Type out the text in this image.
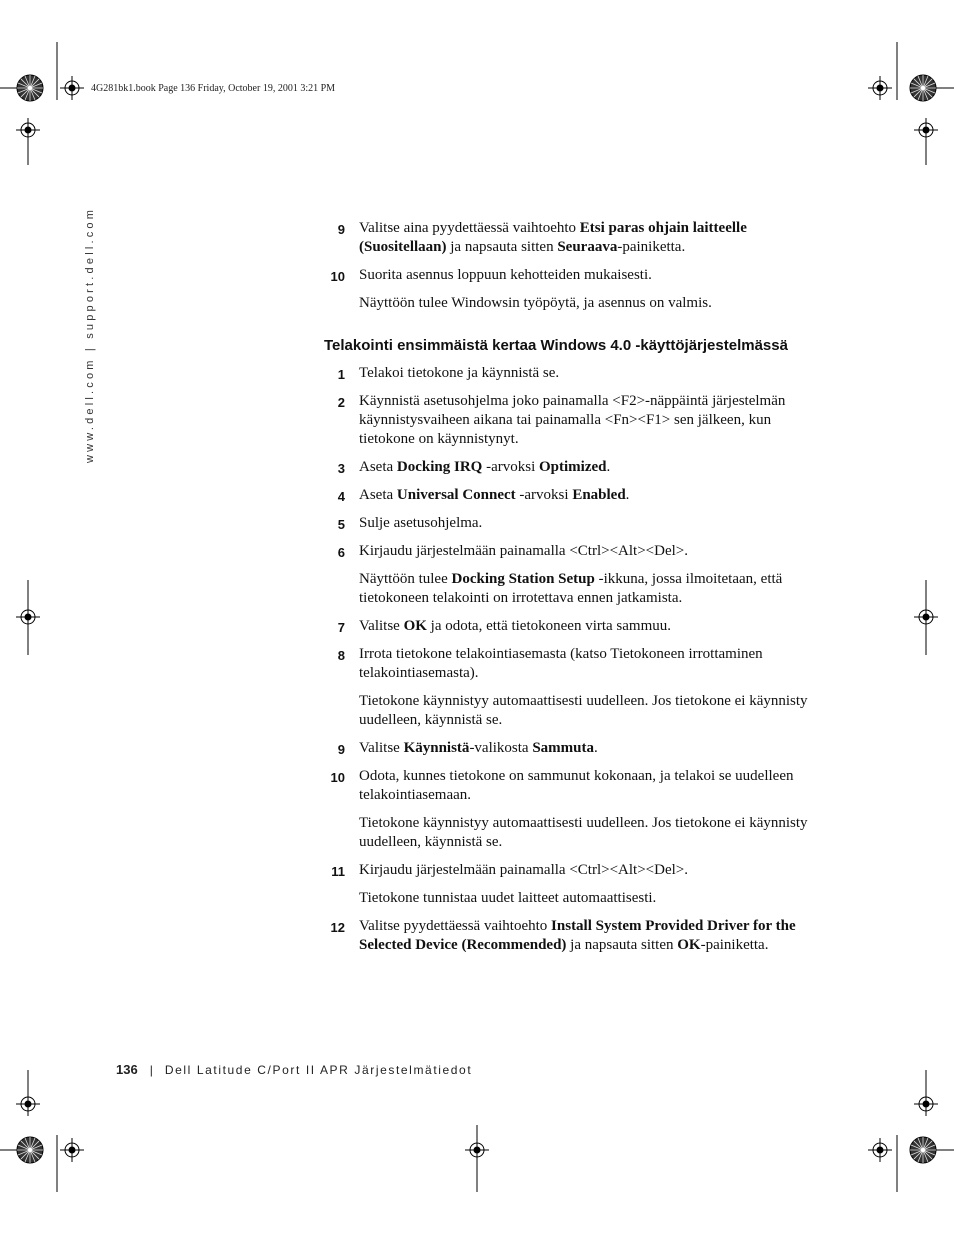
4G281bk1.book Page 136 Friday, October 19, 2001 3:21 PM
www.dell.com | support.dell.com	9 Valitse aina pyydettäessä vaihtoehto Etsi paras ohjain laitteelle (Suositellaan) ja napsauta sitten Seuraava-painiketta.

10 Suorita asennus loppuun kehotteiden mukaisesti.

Näyttöön tulee Windowsin työpöytä, ja asennus on valmis.

Telakointi ensimmäistä kertaa Windows 4.0 -käyttöjärjestelmässä
1 Telakoi tietokone ja käynnistä se.

2 Käynnistä asetusohjelma joko painamalla <F2>-näppäintä järjestelmän käynnistysvaiheen aikana tai painamalla <Fn><F1> sen jälkeen, kun tietokone on käynnistynyt.

3 Aseta Docking IRQ -arvoksi Optimized.

4 Aseta Universal Connect -arvoksi Enabled.

5 Sulje asetusohjelma.

6 Kirjaudu järjestelmään painamalla <Ctrl><Alt><Del>.

Näyttöön tulee Docking Station Setup -ikkuna, jossa ilmoitetaan, että tietokoneen telakointi on irrotettava ennen jatkamista.

7 Valitse OK ja odota, että tietokoneen virta sammuu.

8 Irrota tietokone telakointiasemasta (katso Tietokoneen irrottaminen telakointiasemasta).

Tietokone käynnistyy automaattisesti uudelleen. Jos tietokone ei käynnisty uudelleen, käynnistä se.

9 Valitse Käynnistä-valikosta Sammuta.

10 Odota, kunnes tietokone on sammunut kokonaan, ja telakoi se uudelleen telakointiasemaan.

Tietokone käynnistyy automaattisesti uudelleen. Jos tietokone ei käynnisty uudelleen, käynnistä se.

11 Kirjaudu järjestelmään painamalla <Ctrl><Alt><Del>.

Tietokone tunnistaa uudet laitteet automaattisesti.

12 Valitse pyydettäessä vaihtoehto Install System Provided Driver for the Selected Device (Recommended) ja napsauta sitten OK-painiketta.

136 | Dell Latitude C/Port II APR Järjestelmätiedot
